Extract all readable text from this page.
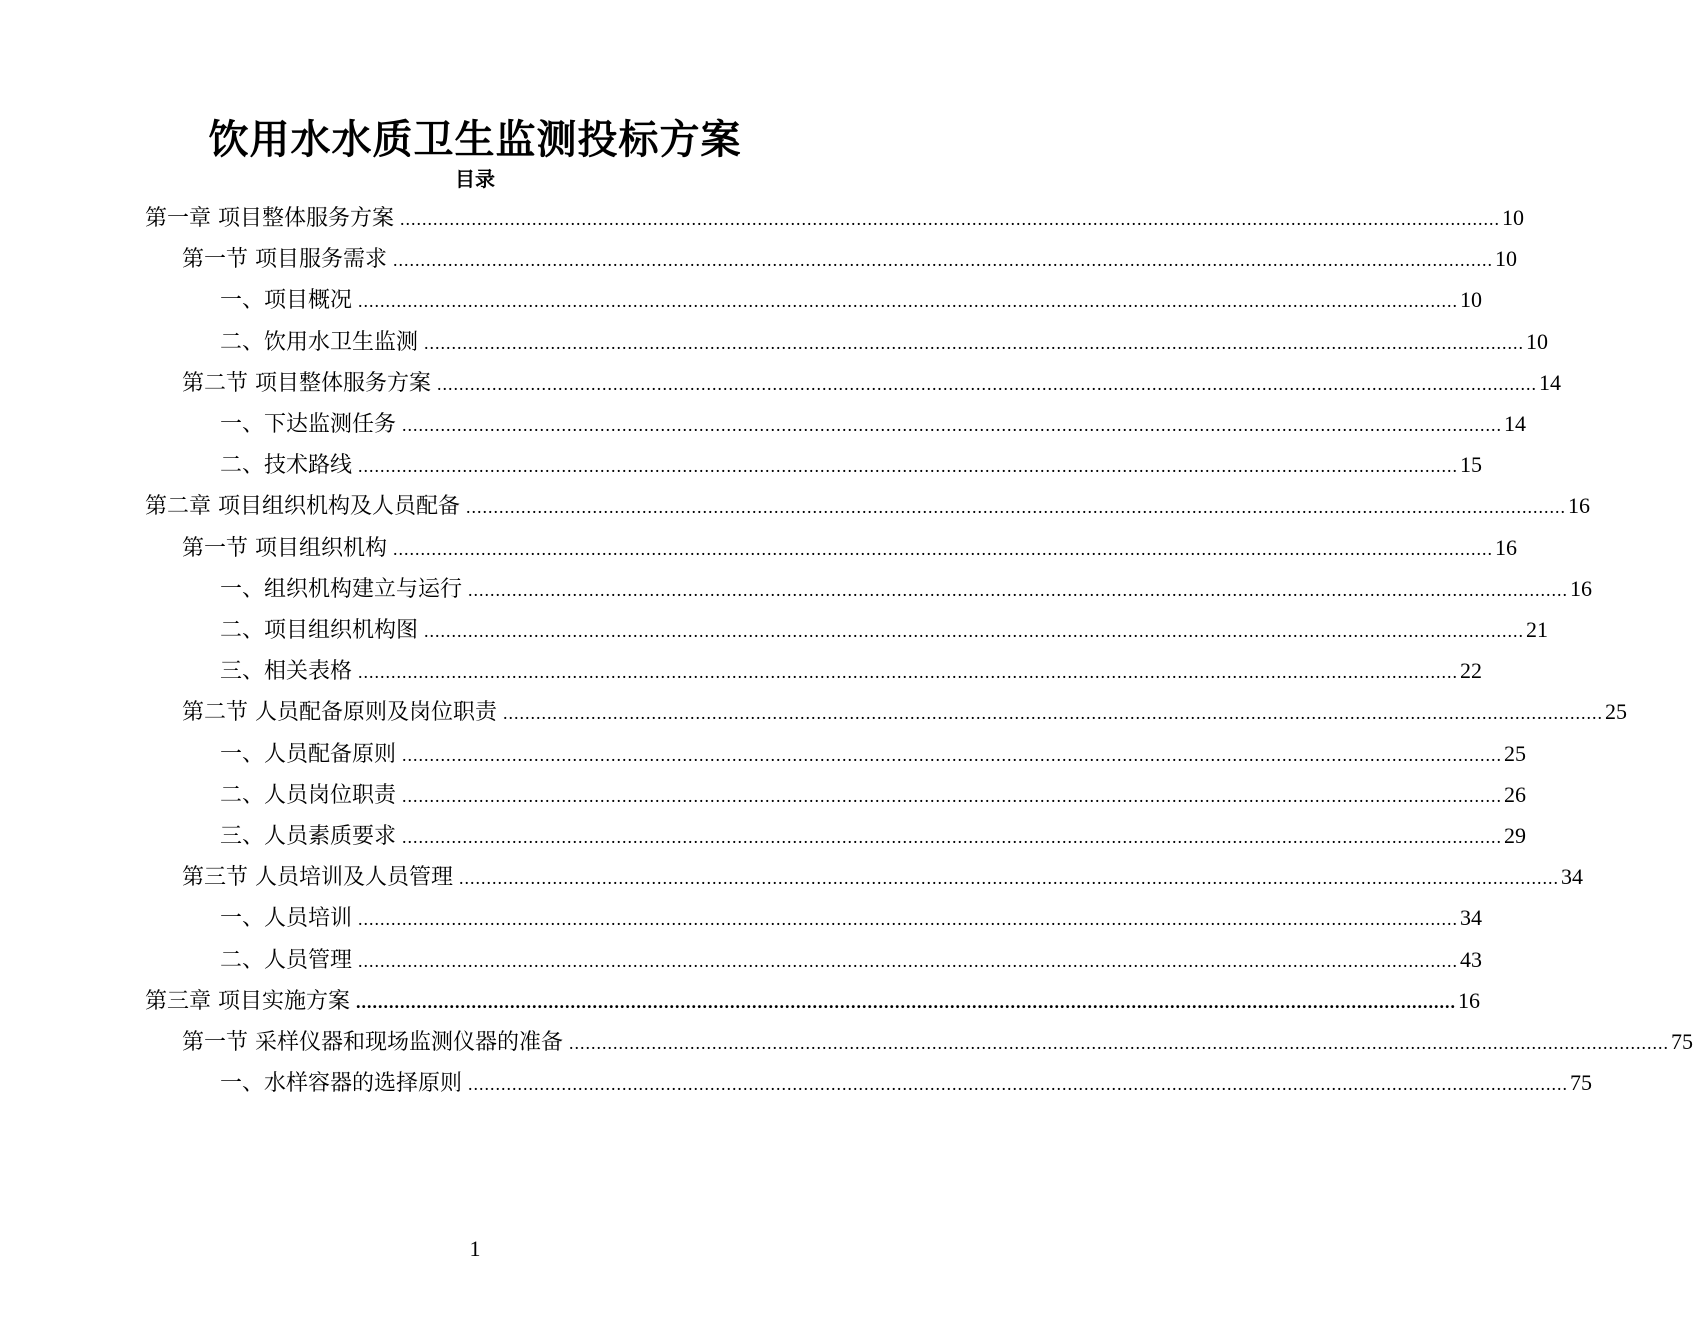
饮用水水质卫生监测投标方案
目录
第一章 项目整体服务方案 ........................................................................................................................................................................................................ 10
第一节 项目服务需求 ........................................................................................................................................................................................................ 10
一、项目概况 ........................................................................................................................................................................................................ 10
二、饮用水卫生监测 ........................................................................................................................................................................................................ 10
第二节 项目整体服务方案 ........................................................................................................................................................................................................ 14
一、下达监测任务 ........................................................................................................................................................................................................ 14
二、技术路线 ........................................................................................................................................................................................................ 15
第二章 项目组织机构及人员配备 ........................................................................................................................................................................................................ 16
第一节 项目组织机构 ........................................................................................................................................................................................................ 16
一、组织机构建立与运行 ........................................................................................................................................................................................................ 16
二、项目组织机构图 ........................................................................................................................................................................................................ 21
三、相关表格 ........................................................................................................................................................................................................ 22
第二节 人员配备原则及岗位职责 ........................................................................................................................................................................................................ 25
一、人员配备原则 ........................................................................................................................................................................................................ 25
二、人员岗位职责 ........................................................................................................................................................................................................ 26
三、人员素质要求 ........................................................................................................................................................................................................ 29
第三节 人员培训及人员管理 ........................................................................................................................................................................................................ 34
一、人员培训 ........................................................................................................................................................................................................ 34
二、人员管理 ........................................................................................................................................................................................................ 43
第三章 项目实施方案 ........................................................................................................................................................................................................ 16
第一节 采样仪器和现场监测仪器的准备 ........................................................................................................................................................................................................ 75
一、水样容器的选择原则 ........................................................................................................................................................................................................ 75
1
